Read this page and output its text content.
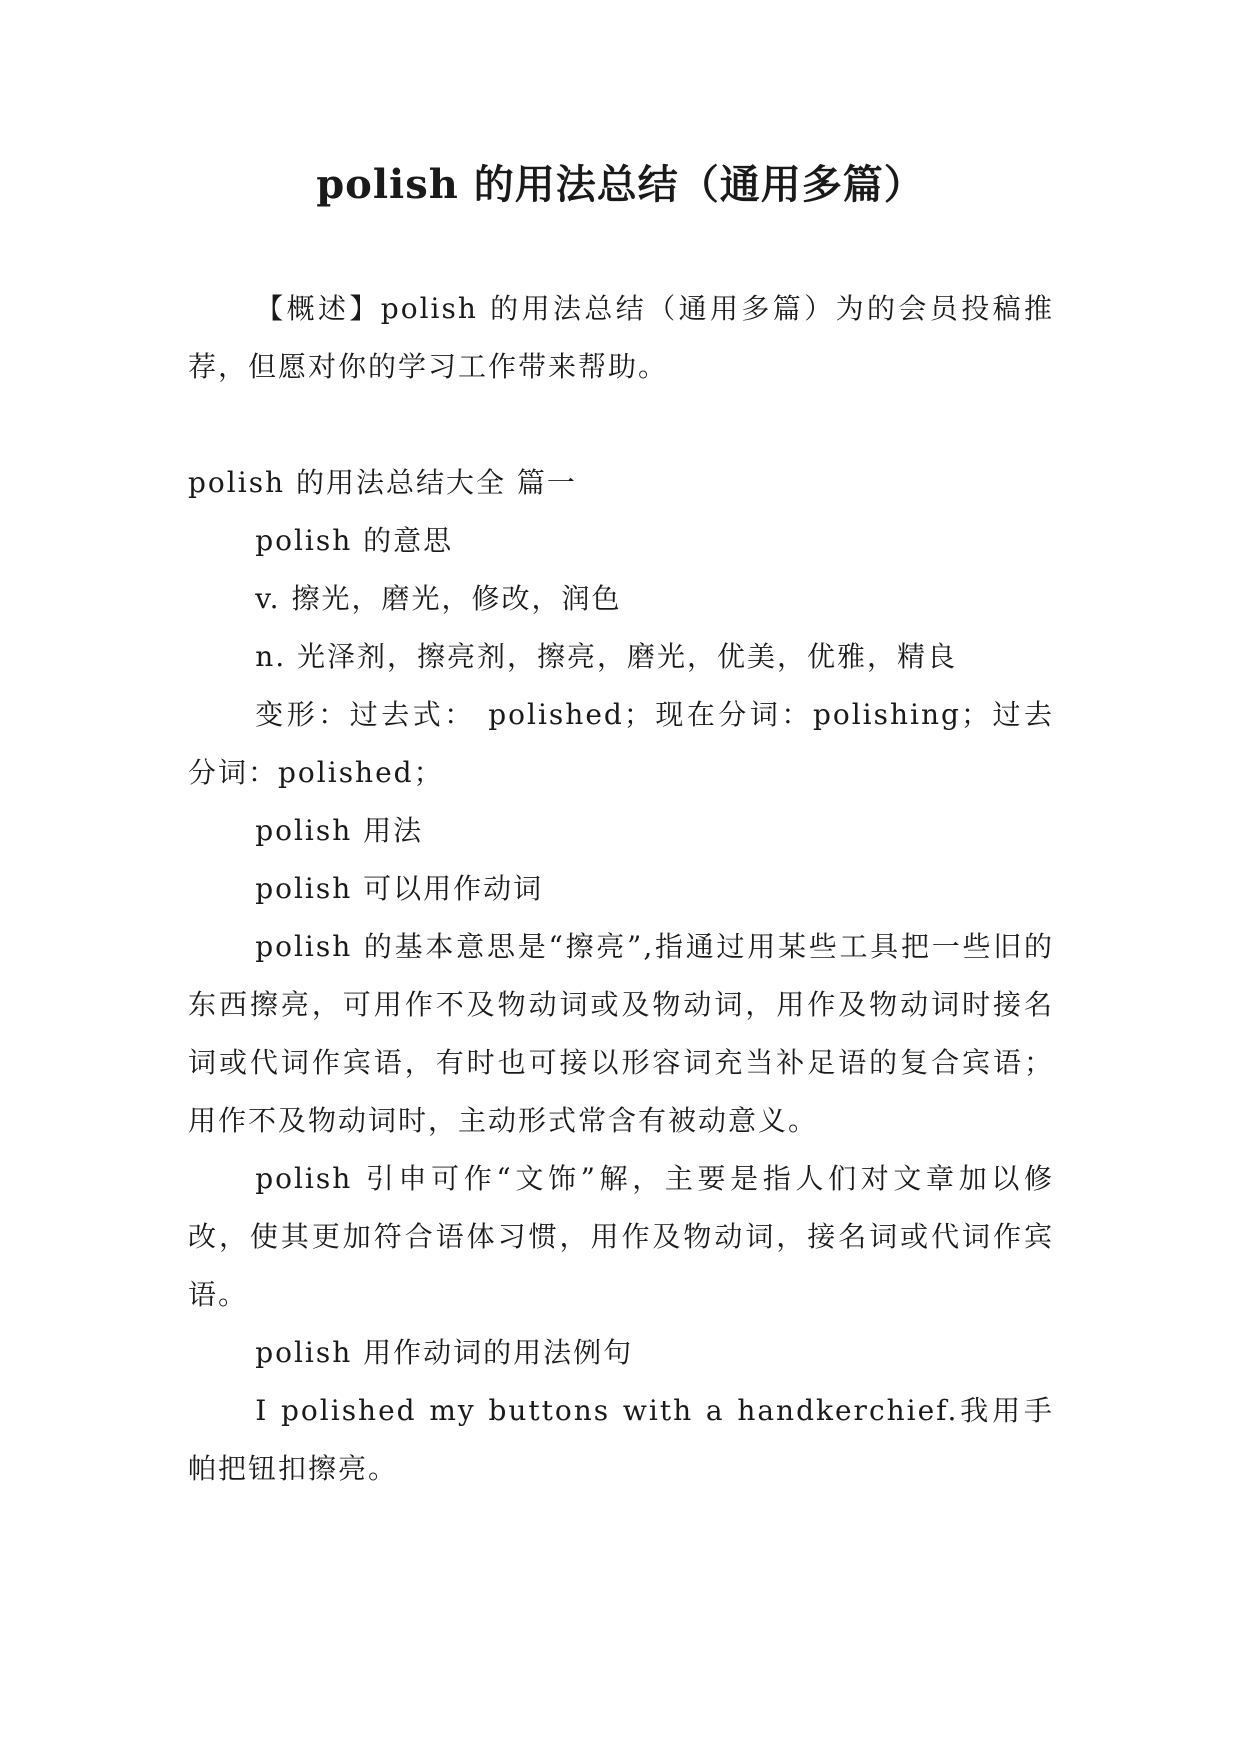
polish 的用法总结（通用多篇）

【概述】polish 的用法总结（通用多篇）为的会员投稿推荐，但愿对你的学习工作带来帮助。

polish 的用法总结大全 篇一

polish 的意思

v. 擦光，磨光，修改，润色

n. 光泽剂，擦亮剂，擦亮，磨光，优美，优雅，精良

变形：过去式： polished；现在分词：polishing；过去分词：polished；

polish 用法

polish 可以用作动词

polish 的基本意思是“擦亮”,指通过用某些工具把一些旧的东西擦亮，可用作不及物动词或及物动词，用作及物动词时接名词或代词作宾语，有时也可接以形容词充当补足语的复合宾语； 用作不及物动词时，主动形式常含有被动意义。

polish 引申可作“文饰”解，主要是指人们对文章加以修改，使其更加符合语体习惯，用作及物动词，接名词或代词作宾语。

polish 用作动词的用法例句

I polished my buttons with a handkerchief.我用手帕把钮扣擦亮。
